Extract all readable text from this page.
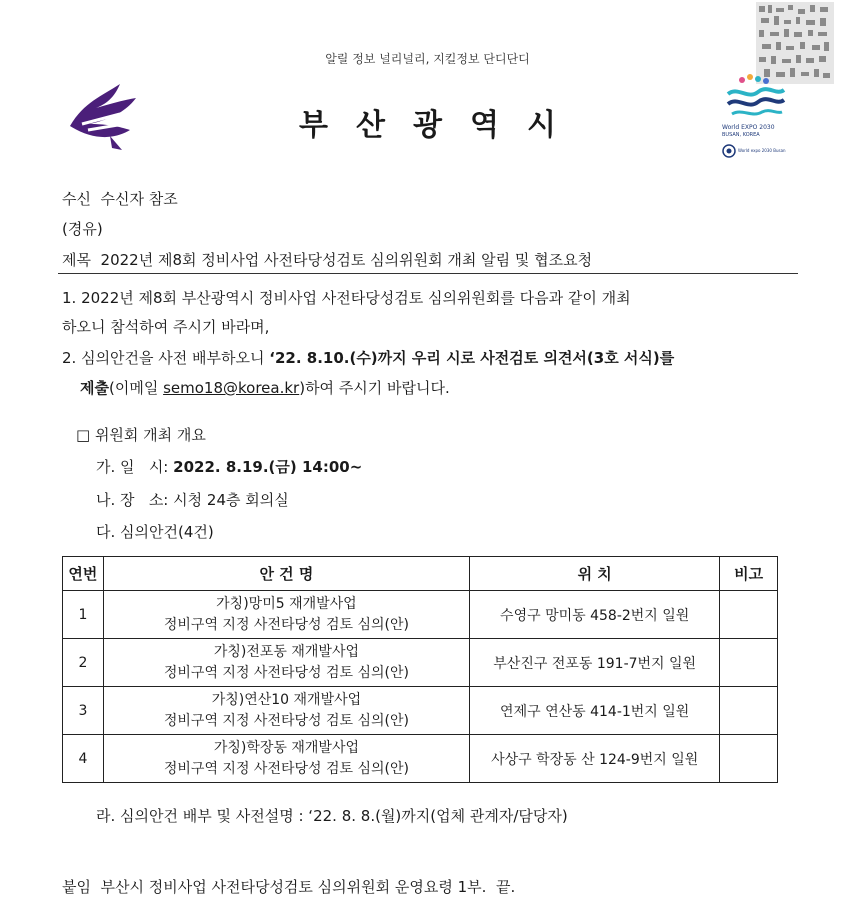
알릴 정보 널리널리, 지킬정보 단디단디
부산광역시	World EXPO 2030
BUSAN, KOREA
World expo 2030 Busan
수신 수신자 참조
(경유)
제목 2022년 제8회 정비사업 사전타당성검토 심의위원회 개최 알림 및 협조요청
1. 2022년 제8회 부산광역시 정비사업 사전타당성검토 심의위원회를 다음과 같이 개최
하오니 참석하여 주시기 바라며,
2. 심의안건을 사전 배부하오니 ‘22. 8.10.(수)까지 우리 시로 사전검토 의견서(3호 서식)를
제출(이메일 semo18@korea.kr)하여 주시기 바랍니다.
□ 위원회 개최 개요
가. 일   시: 2022. 8.19.(금) 14:00~
나. 장   소: 시청 24층 회의실
다. 심의안건(4건)
연번	안 건 명	위 치	비고
1	가칭)망미5 재개발사업
정비구역 지정 사전타당성 검토 심의(안)	수영구 망미동 458-2번지 일원	
2	가칭)전포동 재개발사업
정비구역 지정 사전타당성 검토 심의(안)	부산진구 전포동 191-7번지 일원	
3	가칭)연산10 재개발사업
정비구역 지정 사전타당성 검토 심의(안)	연제구 연산동 414-1번지 일원	
4	가칭)학장동 재개발사업
정비구역 지정 사전타당성 검토 심의(안)	사상구 학장동 산 124-9번지 일원	
라. 심의안건 배부 및 사전설명 : ‘22. 8. 8.(월)까지(업체 관계자/담당자)
붙임  부산시 정비사업 사전타당성검토 심의위원회 운영요령 1부.  끝.
